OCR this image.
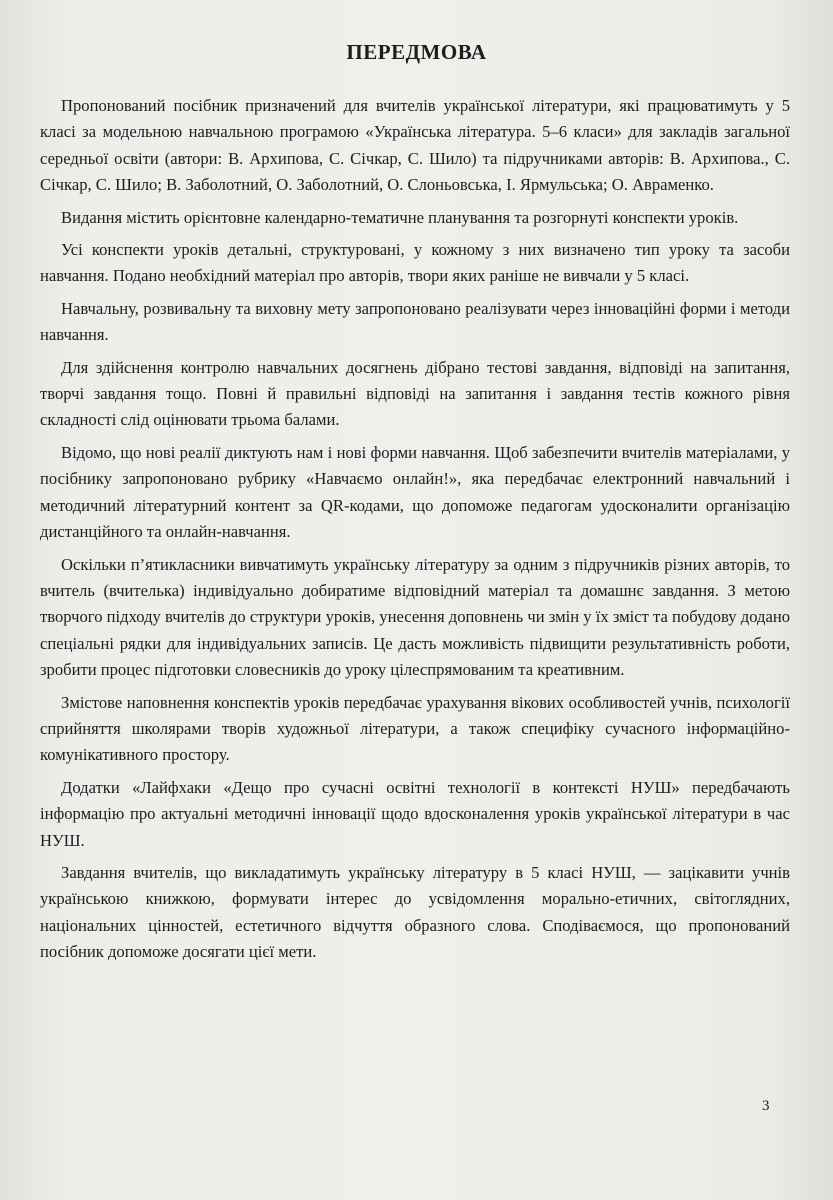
ПЕРЕДМОВА

Пропонований посібник призначений для вчителів української літератури, які працюватимуть у 5 класі за модельною навчальною програмою «Українська література. 5–6 класи» для закладів загальної середньої освіти (автори: В. Архипова, С. Січкар, С. Шило) та підручниками авторів: В. Архипова., С. Січкар, С. Шило; В. Заболотний, О. Заболотний, О. Слоньовська, І. Ярмульська; О. Авраменко.

Видання містить орієнтовне календарно-тематичне планування та розгорнуті конспекти уроків.

Усі конспекти уроків детальні, структуровані, у кожному з них визначено тип уроку та засоби навчання. Подано необхідний матеріал про авторів, твори яких раніше не вивчали у 5 класі.

Навчальну, розвивальну та виховну мету запропоновано реалізувати через інноваційні форми і методи навчання.

Для здійснення контролю навчальних досягнень дібрано тестові завдання, відповіді на запитання, творчі завдання тощо. Повні й правильні відповіді на запитання і завдання тестів кожного рівня складності слід оцінювати трьома балами.

Відомо, що нові реалії диктують нам і нові форми навчання. Щоб забезпечити вчителів матеріалами, у посібнику запропоновано рубрику «Навчаємо онлайн!», яка передбачає електронний навчальний і методичний літературний контент за QR-кодами, що допоможе педагогам удосконалити організацію дистанційного та онлайн-навчання.

Оскільки п’ятикласники вивчатимуть українську літературу за одним з підручників різних авторів, то вчитель (вчителька) індивідуально добиратиме відповідний матеріал та домашнє завдання. З метою творчого підходу вчителів до структури уроків, унесення доповнень чи змін у їх зміст та побудову додано спеціальні рядки для індивідуальних записів. Це дасть можливість підвищити результативність роботи, зробити процес підготовки словесників до уроку цілеспрямованим та креативним.

Змістове наповнення конспектів уроків передбачає урахування вікових особливостей учнів, психології сприйняття школярами творів художньої літератури, а також специфіку сучасного інформаційно-комунікативного простору.

Додатки «Лайфхаки «Дещо про сучасні освітні технології в контексті НУШ» передбачають інформацію про актуальні методичні інновації щодо вдосконалення уроків української літератури в час НУШ.

Завдання вчителів, що викладатимуть українську літературу в 5 класі НУШ, — зацікавити учнів українською книжкою, формувати інтерес до усвідомлення морально-етичних, світоглядних, національних цінностей, естетичного відчуття образного слова. Сподіваємося, що пропонований посібник допоможе досягати цієї мети.

3
